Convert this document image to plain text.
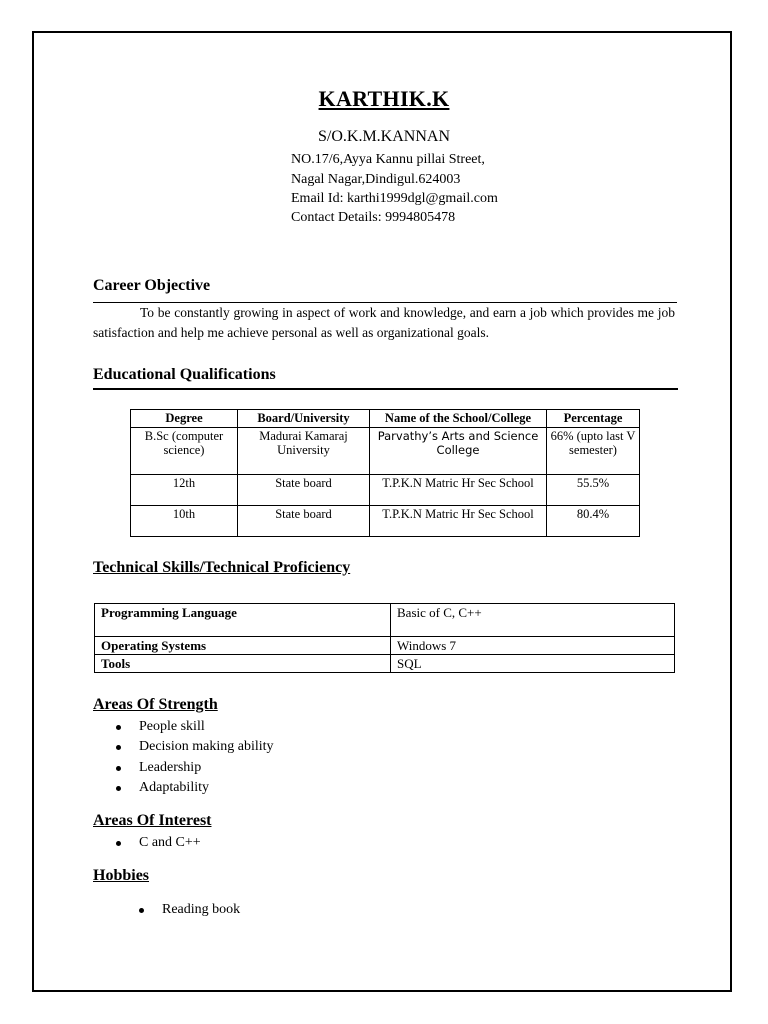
KARTHIK.K
S/O.K.M.KANNAN
NO.17/6,Ayya Kannu pillai Street,
Nagal Nagar,Dindigul.624003
Email Id: karthi1999dgl@gmail.com
Contact Details: 9994805478
Career Objective
To be constantly growing in aspect of work and knowledge, and earn a job which provides me job satisfaction and help me achieve personal as well as organizational goals.
Educational Qualifications
Degree	Board/University	Name of the School/College	Percentage
B.Sc (computer science)	Madurai Kamaraj University	Parvathy’s Arts and Science College	66% (upto last V semester)
12th	State board	T.P.K.N Matric Hr Sec School	55.5%
10th	State board	T.P.K.N Matric Hr Sec School	80.4%
Technical Skills/Technical Proficiency
Programming Language	Basic of C, C++
Operating Systems	Windows 7
Tools	SQL
Areas Of Strength
People skill
Decision making ability
Leadership
Adaptability
Areas Of Interest
C and C++
Hobbies
Reading book
